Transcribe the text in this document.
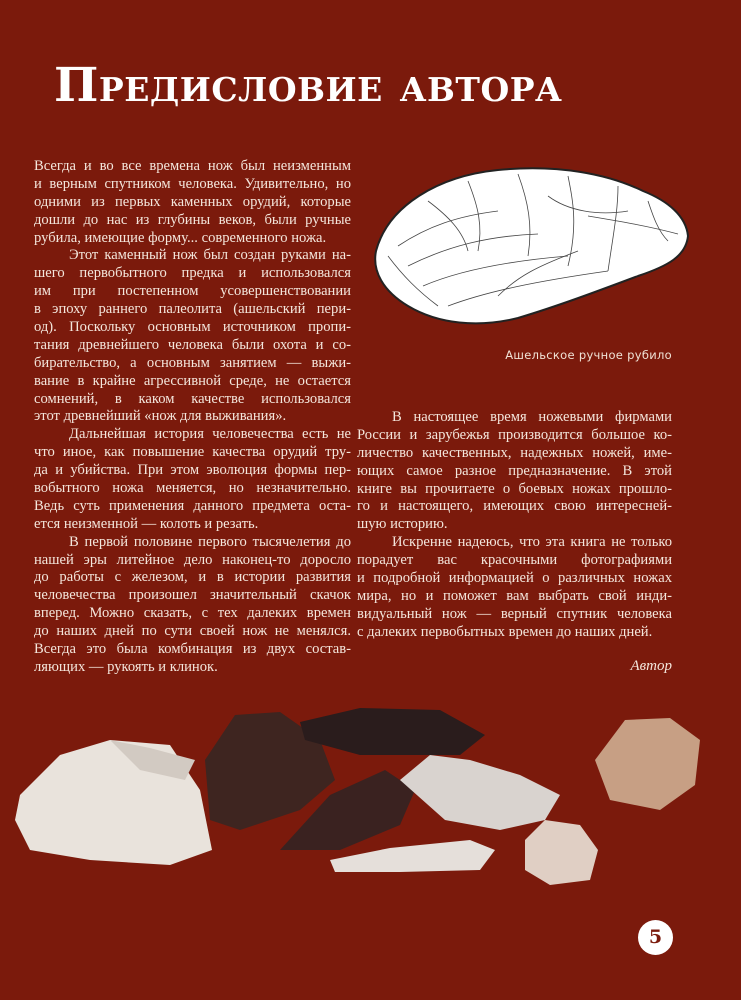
Предисловие автора
Всегда и во все времена нож был неизменным
и верным спутником человека. Удивительно, но
одними из первых каменных орудий, которые
дошли до нас из глубины веков, были ручные
рубила, имеющие форму... современного ножа.
Этот каменный нож был создан руками на-
шего первобытного предка и использовался
им при постепенном усовершенствовании
в эпоху раннего палеолита (ашельский пери-
од). Поскольку основным источником пропи-
тания древнейшего человека были охота и со-
бирательство, а основным занятием — выжи-
вание в крайне агрессивной среде, не остается
сомнений, в каком качестве использовался
этот древнейший «нож для выживания».
Дальнейшая история человечества есть не
что иное, как повышение качества орудий тру-
да и убийства. При этом эволюция формы пер-
вобытного ножа меняется, но незначительно.
Ведь суть применения данного предмета оста-
ется неизменной — колоть и резать.
В первой половине первого тысячелетия до
нашей эры литейное дело наконец-то доросло
до работы с железом, и в истории развития
человечества произошел значительный скачок
вперед. Можно сказать, с тех далеких времен
до наших дней по сути своей нож не менялся.
Всегда это была комбинация из двух состав-
ляющих — рукоять и клинок.
Ашельское ручное рубило
В настоящее время ножевыми фирмами
России и зарубежья производится большое ко-
личество качественных, надежных ножей, име-
ющих самое разное предназначение. В этой
книге вы прочитаете о боевых ножах прошло-
го и настоящего, имеющих свою интересней-
шую историю.
Искренне надеюсь, что эта книга не только
порадует вас красочными фотографиями
и подробной информацией о различных ножах
мира, но и поможет вам выбрать свой инди-
видуальный нож — верный спутник человека
с далеких первобытных времен до наших дней.
Автор
5
